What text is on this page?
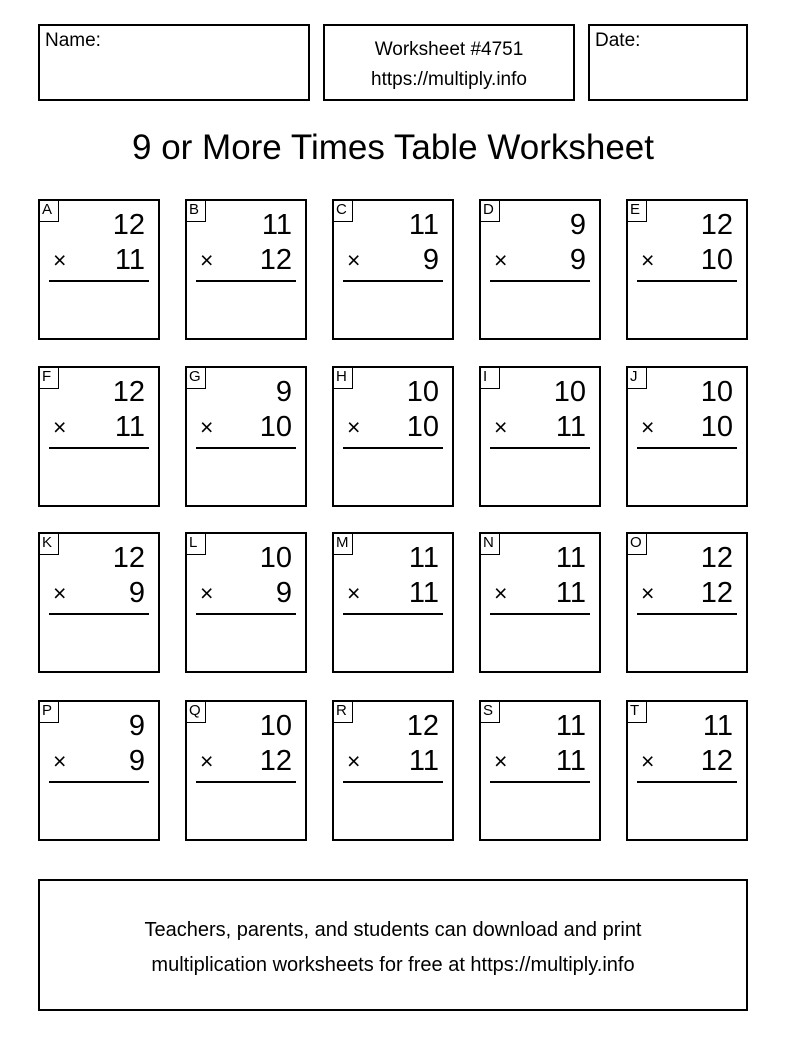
Name:	Worksheet #4751
https://multiply.info
Date:
9 or More Times Table Worksheet
A 12
× 11
B 11
× 12
C 11
× 9
D	9
× 9
E 12
× 10
F 12
× 11
G	9
× 10
H 10
× 10
I	10
× 11
J	10
× 10
K 12
× 9
L 10
× 9
M 11
× 11
N 11
× 11
O 12
× 12
P	9
× 9
Q 10
× 12
R 12
× 11
S 11
× 11
T 11
× 12
Teachers, parents, and students can download and print
multiplication worksheets for free at https://multiply.info
